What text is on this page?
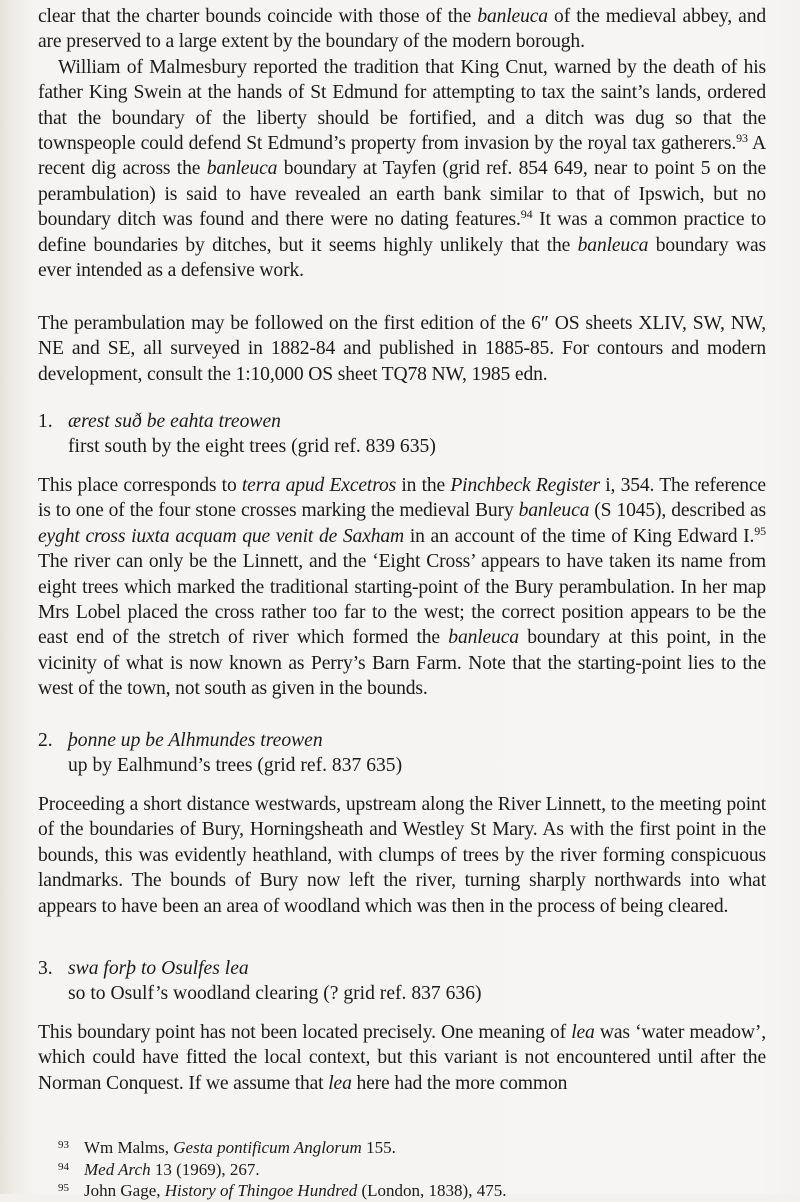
clear that the charter bounds coincide with those of the banleuca of the medieval abbey, and are preserved to a large extent by the boundary of the modern borough.

William of Malmesbury reported the tradition that King Cnut, warned by the death of his father King Swein at the hands of St Edmund for attempting to tax the saint’s lands, ordered that the boundary of the liberty should be fortified, and a ditch was dug so that the townspeople could defend St Edmund’s property from invasion by the royal tax gatherers.$^{93}$ A recent dig across the banleuca boundary at Tayfen (grid ref. 854 649, near to point 5 on the perambulation) is said to have revealed an earth bank similar to that of Ipswich, but no boundary ditch was found and there were no dating features.$^{94}$ It was a common practice to define boundaries by ditches, but it seems highly unlikely that the banleuca boundary was ever intended as a defensive work.

The perambulation may be followed on the first edition of the 6″ OS sheets XLIV, SW, NW, NE and SE, all surveyed in 1882-84 and published in 1885-85. For contours and modern development, consult the 1:10,000 OS sheet TQ78 NW, 1985 edn.

1. ærest suð be eahta treowen
first south by the eight trees (grid ref. 839 635)

This place corresponds to terra apud Excetros in the Pinchbeck Register i, 354. The reference is to one of the four stone crosses marking the medieval Bury banleuca (S 1045), described as eyght cross iuxta acquam que venit de Saxham in an account of the time of King Edward I.$^{95}$ The river can only be the Linnett, and the ‘Eight Cross’ appears to have taken its name from eight trees which marked the traditional starting-point of the Bury perambulation. In her map Mrs Lobel placed the cross rather too far to the west; the correct position appears to be the east end of the stretch of river which formed the banleuca boundary at this point, in the vicinity of what is now known as Perry’s Barn Farm. Note that the starting-point lies to the west of the town, not south as given in the bounds.

2. þonne up be Alhmundes treowen
up by Ealhmund’s trees (grid ref. 837 635)

Proceeding a short distance westwards, upstream along the River Linnett, to the meeting point of the boundaries of Bury, Horningsheath and Westley St Mary. As with the first point in the bounds, this was evidently heathland, with clumps of trees by the river forming conspicuous landmarks. The bounds of Bury now left the river, turning sharply northwards into what appears to have been an area of woodland which was then in the process of being cleared.

3. swa forþ to Osulfes lea
so to Osulf’s woodland clearing (? grid ref. 837 636)

This boundary point has not been located precisely. One meaning of lea was ‘water meadow’, which could have fitted the local context, but this variant is not encountered until after the Norman Conquest. If we assume that lea here had the more common

93 Wm Malms, Gesta pontificum Anglorum 155.
94 Med Arch 13 (1969), 267.
95 John Gage, History of Thingoe Hundred (London, 1838), 475.
